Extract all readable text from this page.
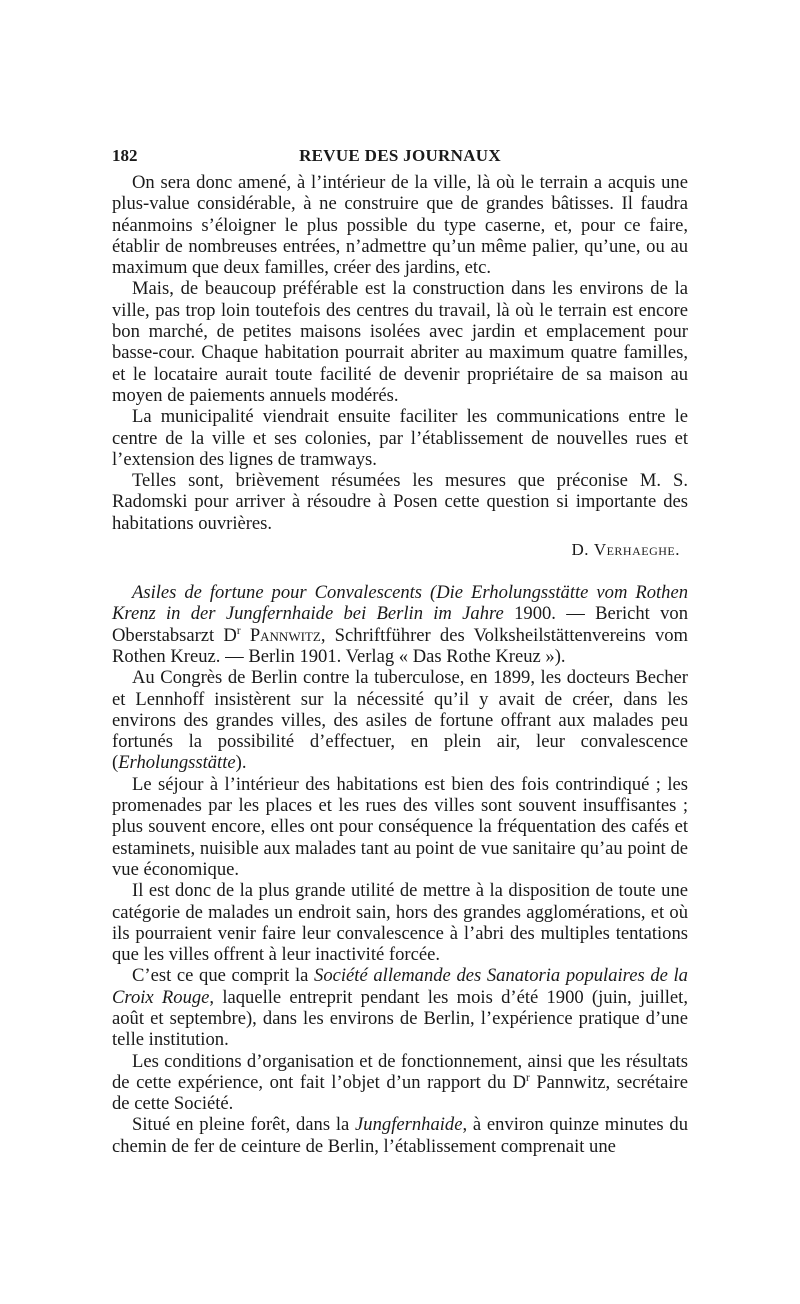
182	REVUE DES JOURNAUX

On sera donc amené, à l’intérieur de la ville, là où le terrain a acquis une plus-value considérable, à ne construire que de grandes bâtisses. Il faudra néanmoins s’éloigner le plus possible du type caserne, et, pour ce faire, établir de nombreuses entrées, n’admettre qu’un même palier, qu’une, ou au maximum que deux familles, créer des jardins, etc.

Mais, de beaucoup préférable est la construction dans les environs de la ville, pas trop loin toutefois des centres du travail, là où le terrain est encore bon marché, de petites maisons isolées avec jardin et emplacement pour basse-cour. Chaque habitation pourrait abriter au maximum quatre familles, et le locataire aurait toute facilité de devenir propriétaire de sa maison au moyen de paiements annuels modérés.

La municipalité viendrait ensuite faciliter les communications entre le centre de la ville et ses colonies, par l’établissement de nouvelles rues et l’extension des lignes de tramways.

Telles sont, brièvement résumées les mesures que préconise M. S. Radomski pour arriver à résoudre à Posen cette question si importante des habitations ouvrières.

D. Verhaeghe.

Asiles de fortune pour Convalescents (Die Erholungsstätte vom Rothen Krenz in der Jungfernhaide bei Berlin im Jahre 1900. — Bericht von Oberstabsarzt $D^r$ Pannwitz, Schriftführer des Volksheilstättenvereins vom Rothen Kreuz. — Berlin 1901. Verlag « Das Rothe Kreuz »).

Au Congrès de Berlin contre la tuberculose, en 1899, les docteurs Becher et Lennhoff insistèrent sur la nécessité qu’il y avait de créer, dans les environs des grandes villes, des asiles de fortune offrant aux malades peu fortunés la possibilité d’effectuer, en plein air, leur convalescence (Erholungsstätte).

Le séjour à l’intérieur des habitations est bien des fois contrindiqué ; les promenades par les places et les rues des villes sont souvent insuffisantes ; plus souvent encore, elles ont pour conséquence la fréquentation des cafés et estaminets, nuisible aux malades tant au point de vue sanitaire qu’au point de vue économique.

Il est donc de la plus grande utilité de mettre à la disposition de toute une catégorie de malades un endroit sain, hors des grandes agglomérations, et où ils pourraient venir faire leur convalescence à l’abri des multiples tentations que les villes offrent à leur inactivité forcée.

C’est ce que comprit la Société allemande des Sanatoria populaires de la Croix Rouge, laquelle entreprit pendant les mois d’été 1900 (juin, juillet, août et septembre), dans les environs de Berlin, l’expérience pratique d’une telle institution.

Les conditions d’organisation et de fonctionnement, ainsi que les résultats de cette expérience, ont fait l’objet d’un rapport du $D^r$ Pannwitz, secrétaire de cette Société.

Situé en pleine forêt, dans la Jungfernhaide, à environ quinze minutes du chemin de fer de ceinture de Berlin, l’établissement comprenait une
